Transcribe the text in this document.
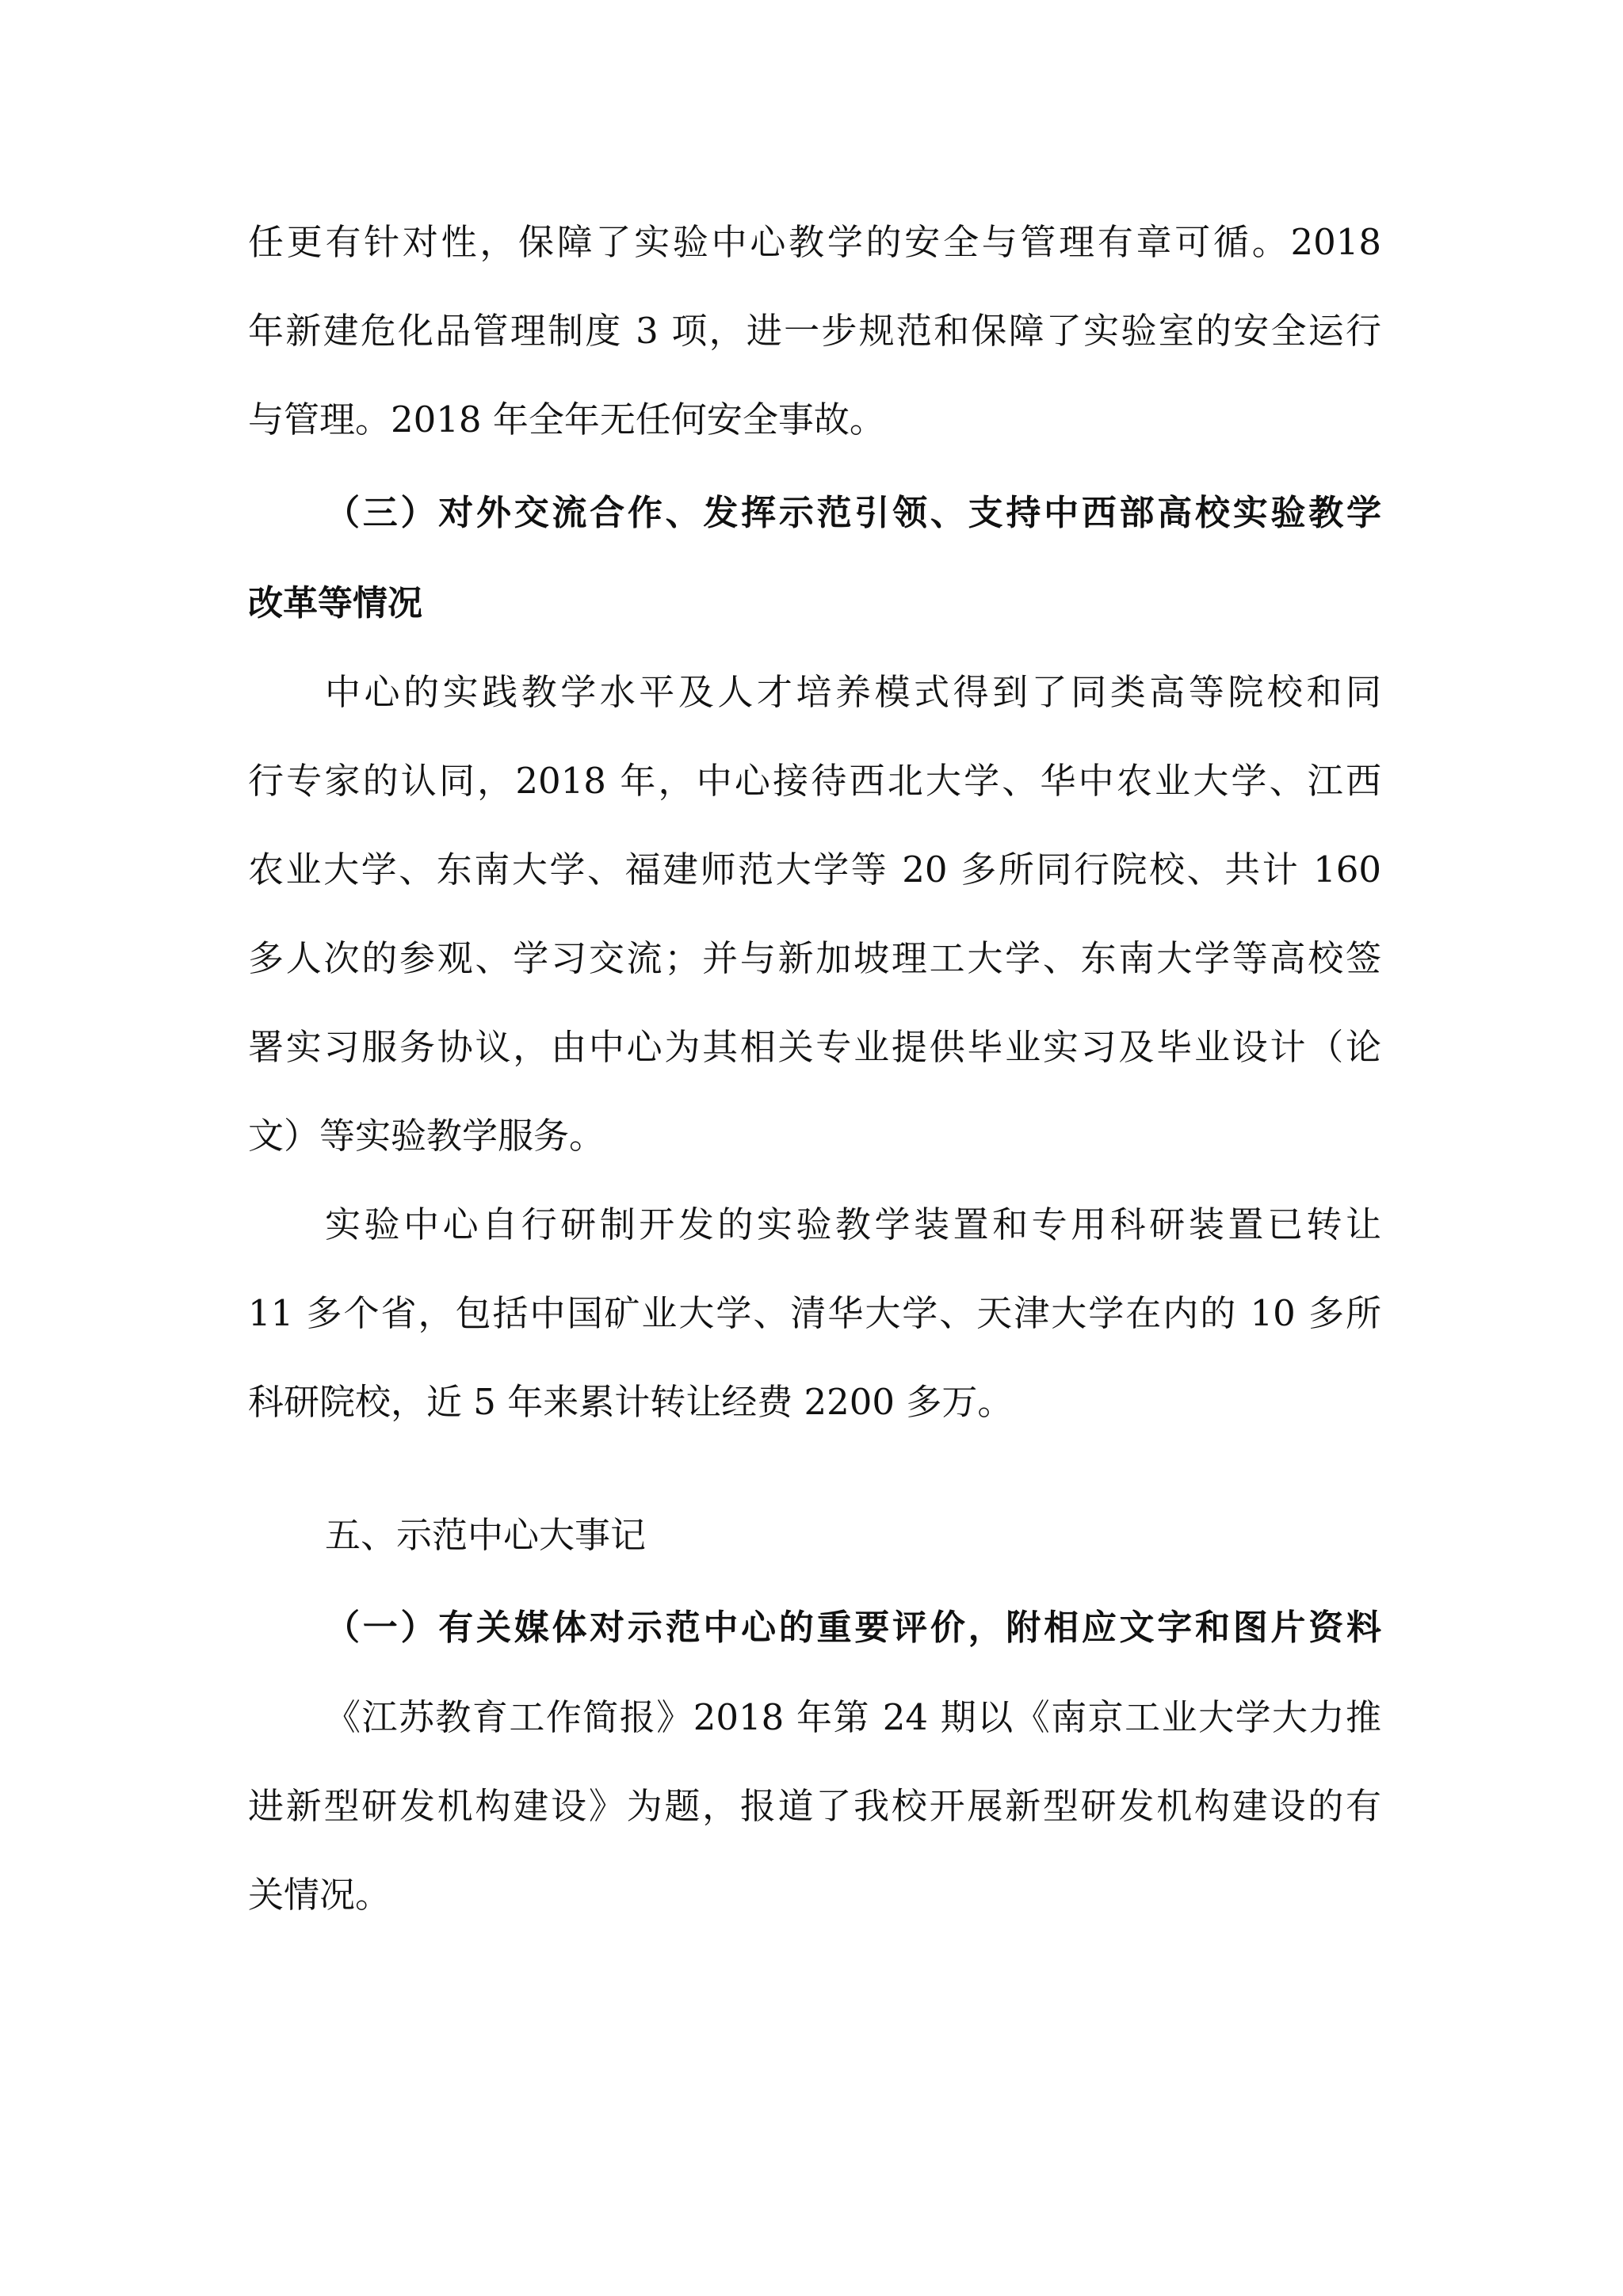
任更有针对性，保障了实验中心教学的安全与管理有章可循。2018
年新建危化品管理制度 3 项，进一步规范和保障了实验室的安全运行
与管理。2018 年全年无任何安全事故。
（三）对外交流合作、发挥示范引领、支持中西部高校实验教学
改革等情况
中心的实践教学水平及人才培养模式得到了同类高等院校和同
行专家的认同，2018 年，中心接待西北大学、华中农业大学、江西
农业大学、东南大学、福建师范大学等 20 多所同行院校、共计 160
多人次的参观、学习交流；并与新加坡理工大学、东南大学等高校签
署实习服务协议，由中心为其相关专业提供毕业实习及毕业设计（论
文）等实验教学服务。
实验中心自行研制开发的实验教学装置和专用科研装置已转让
11 多个省，包括中国矿业大学、清华大学、天津大学在内的 10 多所
科研院校，近 5 年来累计转让经费 2200 多万。
五、示范中心大事记
（一）有关媒体对示范中心的重要评价，附相应文字和图片资料
《江苏教育工作简报》2018 年第 24 期以《南京工业大学大力推
进新型研发机构建设》为题，报道了我校开展新型研发机构建设的有
关情况。
